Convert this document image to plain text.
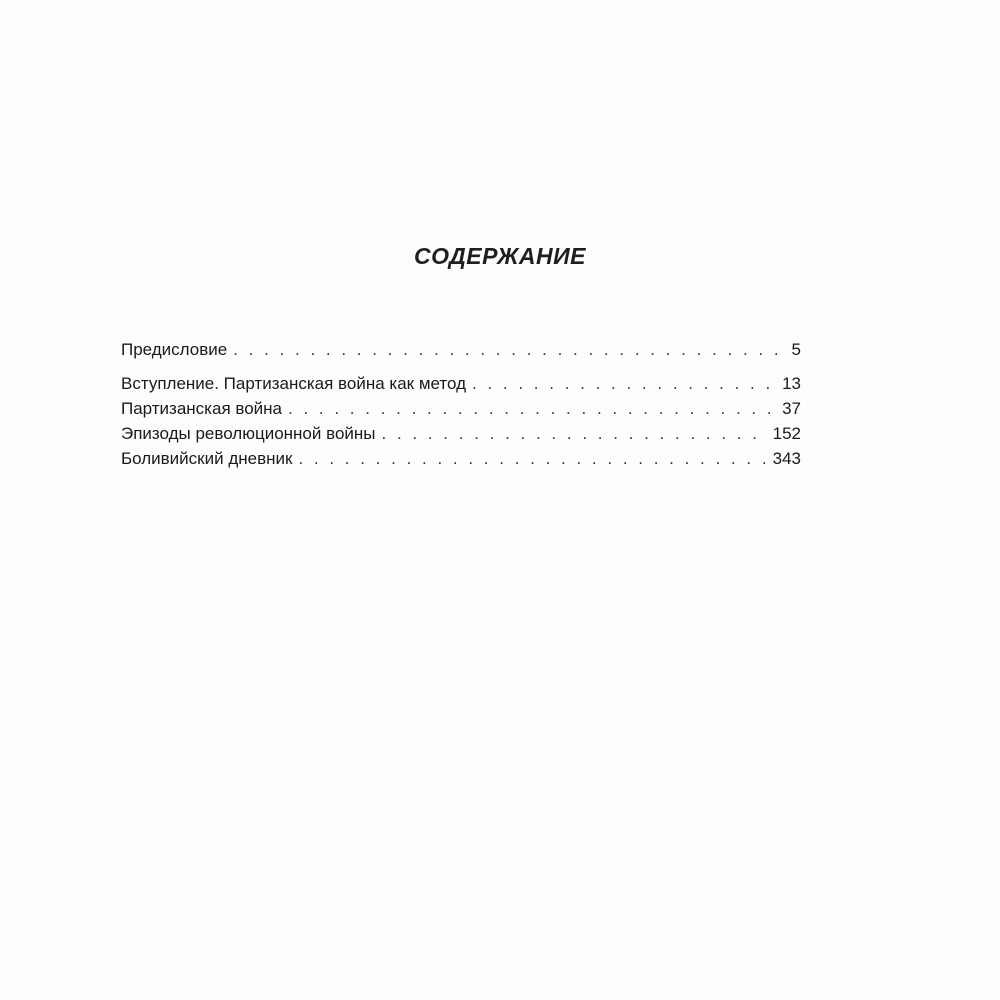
СОДЕРЖАНИЕ
Предисловие . . .	5
Вступление. Партизанская война как метод . . .	13
Партизанская война . . .	37
Эпизоды революционной войны . . .	152
Боливийский дневник . . .	343
